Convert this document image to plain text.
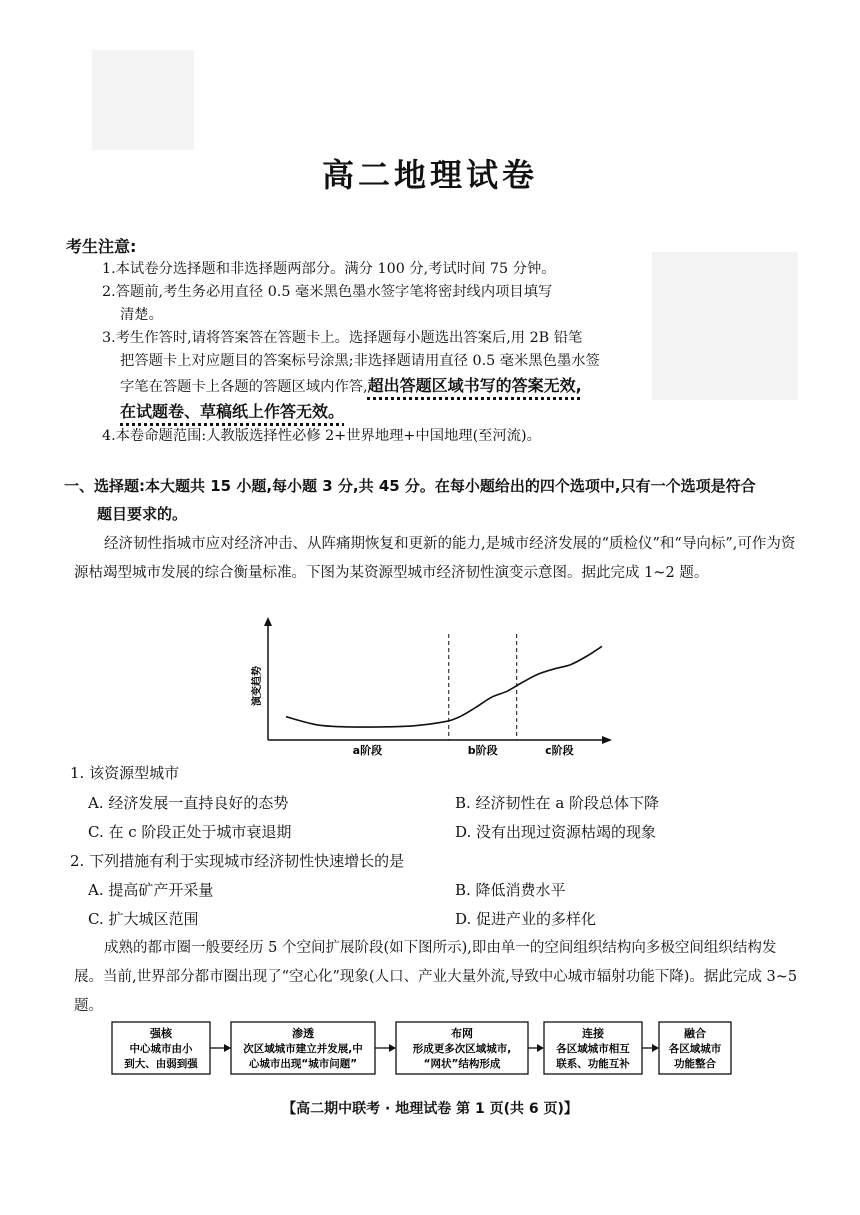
高二地理试卷
考生注意:
1.本试卷分选择题和非选择题两部分。满分 100 分,考试时间 75 分钟。
2.答题前,考生务必用直径 0.5 毫米黑色墨水签字笔将密封线内项目填写
清楚。
3.考生作答时,请将答案答在答题卡上。选择题每小题选出答案后,用 2B 铅笔
把答题卡上对应题目的答案标号涂黑;非选择题请用直径 0.5 毫米黑色墨水签
字笔在答题卡上各题的答题区域内作答,超出答题区域书写的答案无效,
在试题卷、草稿纸上作答无效。
4.本卷命题范围:人教版选择性必修 2+世界地理+中国地理(至河流)。
一、选择题:本大题共 15 小题,每小题 3 分,共 45 分。在每小题给出的四个选项中,只有一个选项是符合
题目要求的。
经济韧性指城市应对经济冲击、从阵痛期恢复和更新的能力,是城市经济发展的“质检仪”和“导向标”,可作为资源枯竭型城市发展的综合衡量标准。下图为某资源型城市经济韧性演变示意图。据此完成 1~2 题。
演变趋势
a阶段	b阶段	c阶段
1. 该资源型城市
A. 经济发展一直持良好的态势	B. 经济韧性在 a 阶段总体下降
C. 在 c 阶段正处于城市衰退期	D. 没有出现过资源枯竭的现象
2. 下列措施有利于实现城市经济韧性快速增长的是
A. 提高矿产开采量	B. 降低消费水平
C. 扩大城区范围	D. 促进产业的多样化
成熟的都市圈一般要经历 5 个空间扩展阶段(如下图所示),即由单一的空间组织结构向多极空间组织结构发展。当前,世界部分都市圈出现了“空心化”现象(人口、产业大量外流,导致中心城市辐射功能下降)。据此完成 3~5 题。
强核
中心城市由小
到大、由弱到强
渗透
次区域城市建立并发展,中
心城市出现“城市问题”
布网
形成更多次区域城市,
“网状”结构形成
连接
各区域城市相互
联系、功能互补
融合
各区域城市
功能整合
【高二期中联考 · 地理试卷 第 1 页(共 6 页)】
